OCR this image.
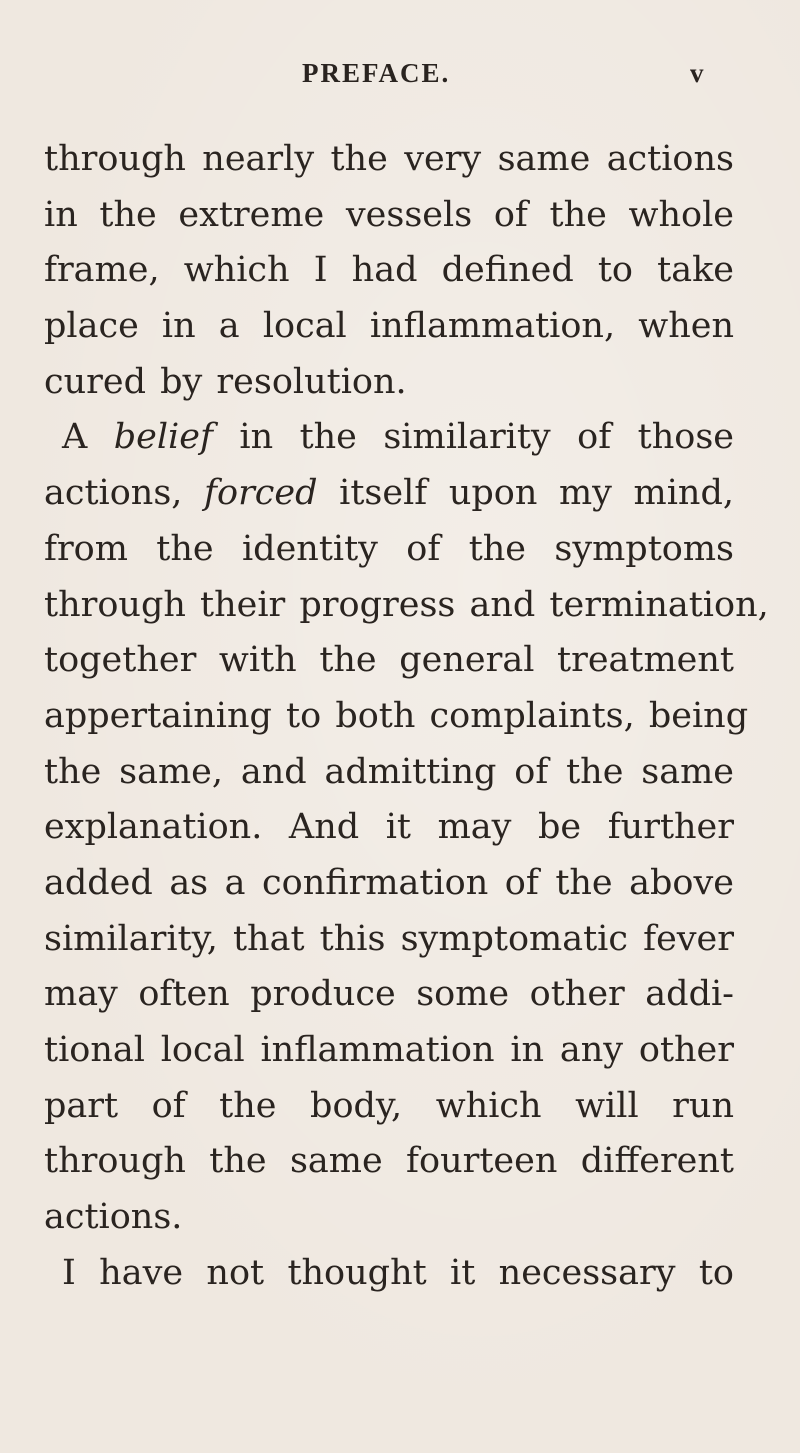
PREFACE.	v
through nearly the very same actions
in the extreme vessels of the whole
frame, which I had defined to take
place in a local inflammation, when
cured by resolution.
A belief in the similarity of those
actions, forced itself upon my mind,
from the identity of the symptoms
through their progress and termination,
together with the general treatment
appertaining to both complaints, being
the same, and admitting of the same
explanation. And it may be further
added as a confirmation of the above
similarity, that this symptomatic fever
may often produce some other addi-
tional local inflammation in any other
part of the body, which will run
through the same fourteen different
actions.
I have not thought it necessary to
